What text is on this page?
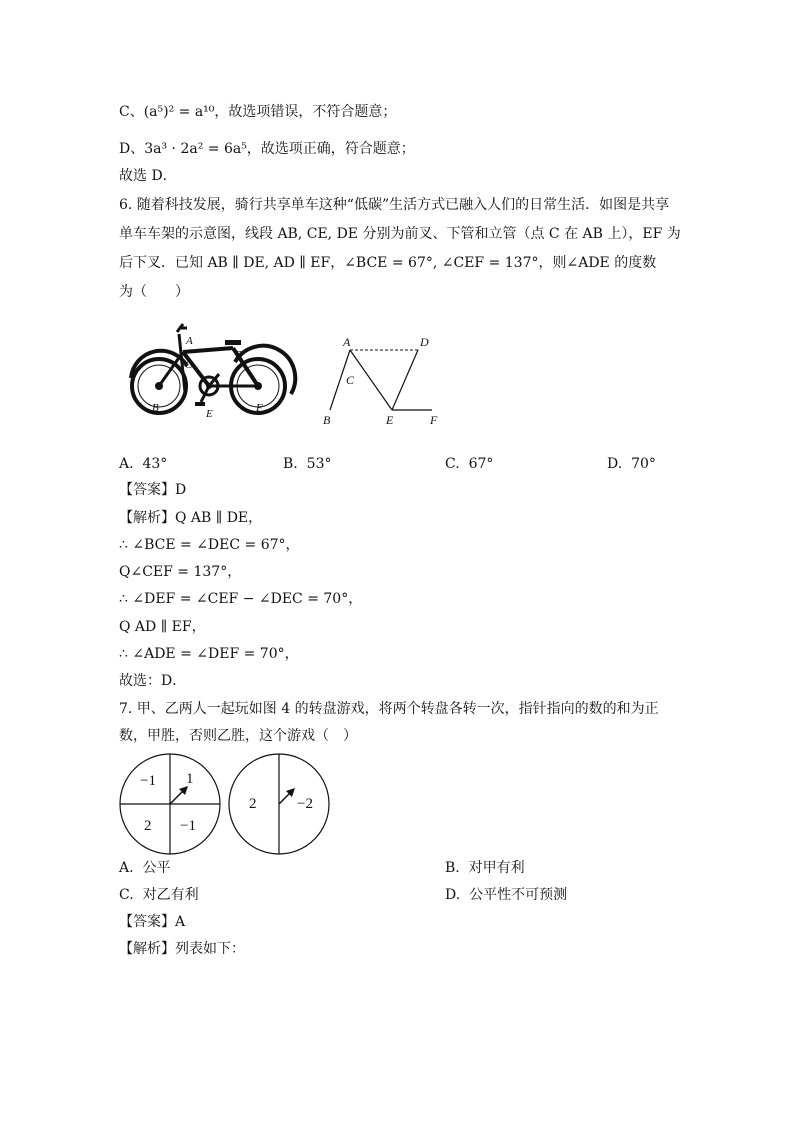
C、(a⁵)² = a¹⁰，故选项错误，不符合题意；
D、3a³ · 2a² = 6a⁵，故选项正确，符合题意；
故选 D．
6. 随着科技发展，骑行共享单车这种“低碳”生活方式已融入人们的日常生活．如图是共享
单车车架的示意图，线段 AB, CE, DE 分别为前叉、下管和立管（点 C 在 AB 上），EF 为
后下叉．已知 AB ∥ DE, AD ∥ EF，∠BCE = 67°, ∠CEF = 137°，则∠ADE 的度数
为（　　）
A
C
D
B	E	F
A	D
C
B	E	F
A. 43°	B. 53°	C. 67°	D. 70°
【答案】D
【解析】Q AB ∥ DE，
∴ ∠BCE = ∠DEC = 67°，
Q∠CEF = 137°，
∴ ∠DEF = ∠CEF − ∠DEC = 70°，
Q AD ∥ EF，
∴ ∠ADE = ∠DEF = 70°，
故选：D．
7. 甲、乙两人一起玩如图 4 的转盘游戏，将两个转盘各转一次，指针指向的数的和为正
数，甲胜，否则乙胜，这个游戏（　）
−1 1
2 −1
2	−2
A. 公平	B. 对甲有利
C. 对乙有利	D. 公平性不可预测
【答案】A
【解析】列表如下：
